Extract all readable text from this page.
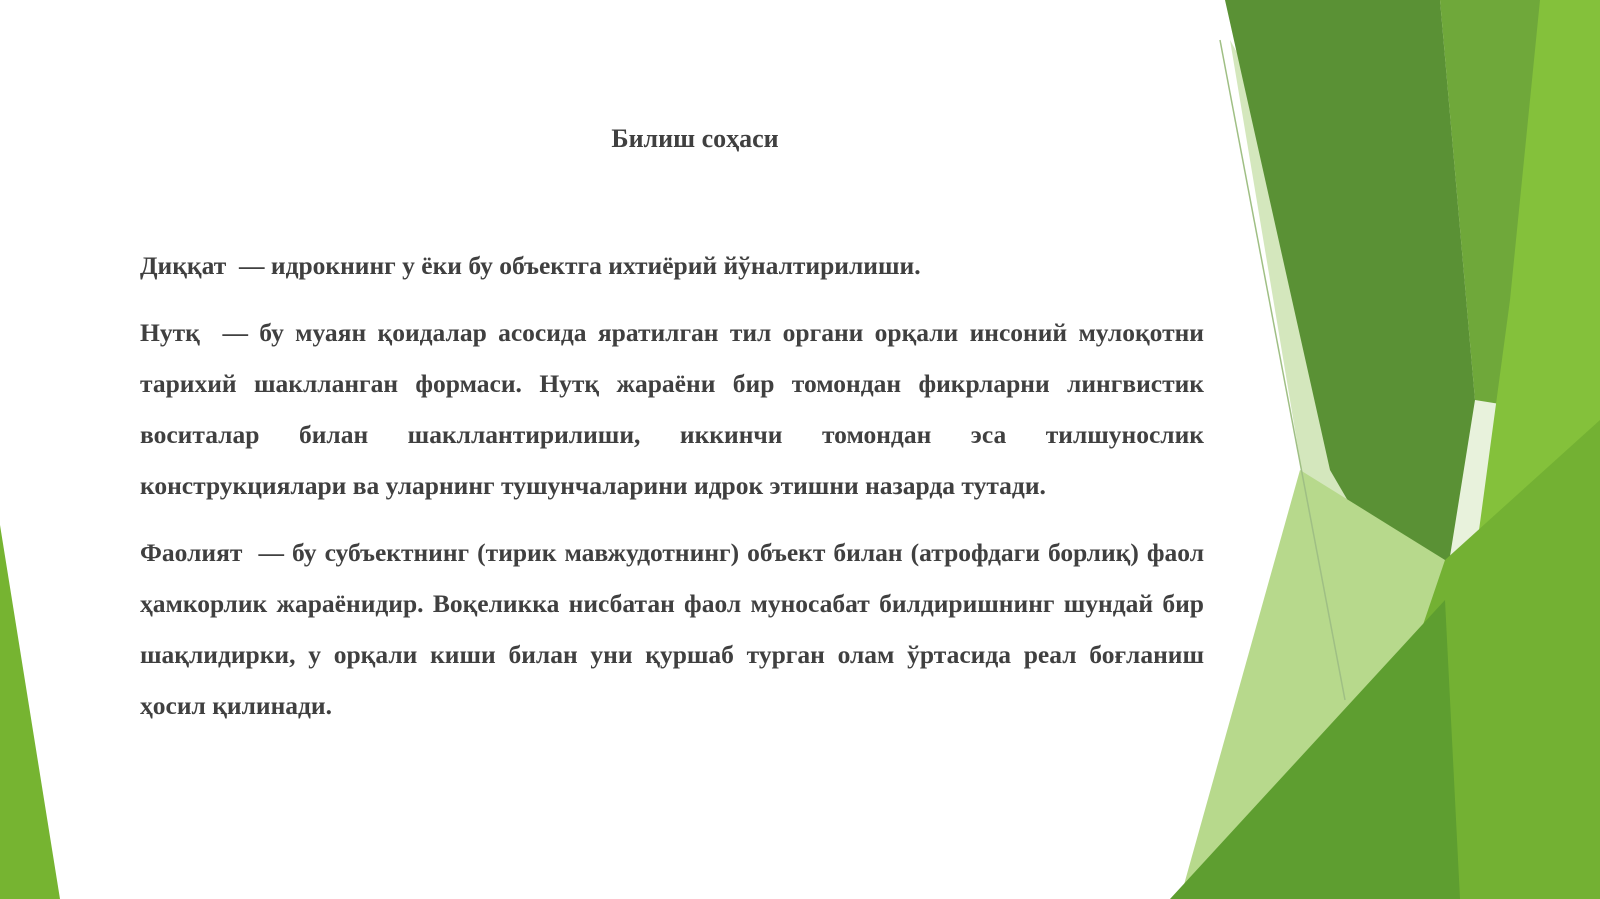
Билиш соҳаси

Диққат  — идрокнинг у ёки бу объектга ихтиёрий йўналтирилиши.

Нутқ  — бу муаян қоидалар асосида яратилган тил органи орқали инсоний мулоқотни тарихий шаклланган формаси. Нутқ жараёни бир томондан фикрларни лингвистик воситалар билан шакллантирилиши, иккинчи томондан эса тилшунослик конструкциялари ва уларнинг тушунчаларини идрок этишни назарда тутади.

Фаолият  — бу субъектнинг (тирик мавжудотнинг) объект билан (атрофдаги борлиқ) фаол ҳамкорлик жараёнидир. Воқеликка нисбатан фаол муносабат билдиришнинг шундай бир шақлидирки, у орқали киши билан уни қуршаб турган олам ўртасида реал боғланиш ҳосил қилинади.
